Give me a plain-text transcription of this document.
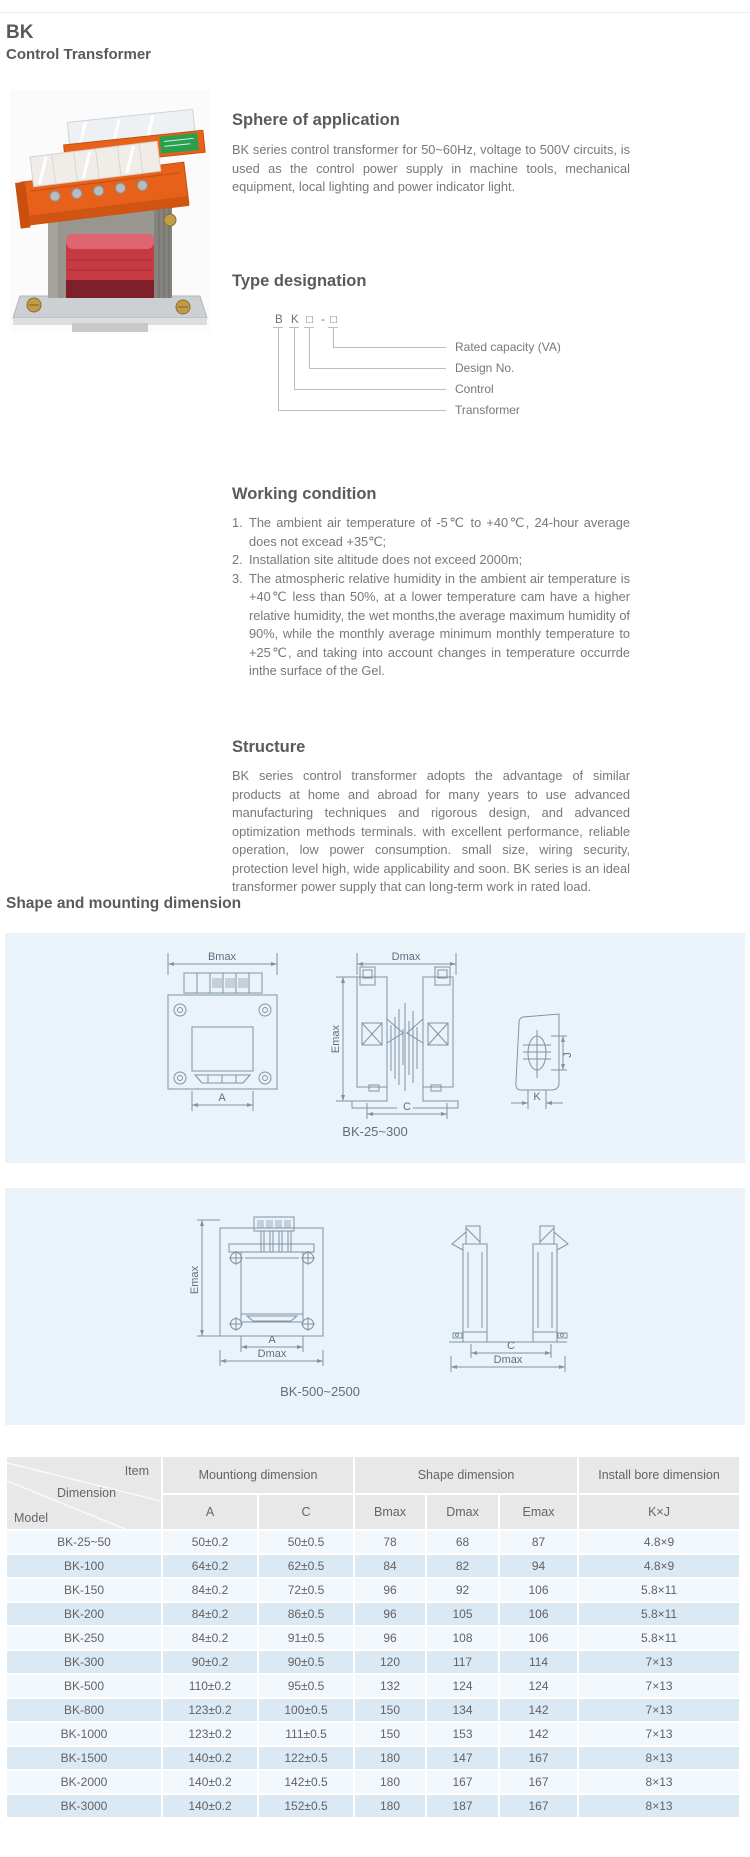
BK
Control Transformer
Sphere of application
BK series control transformer for 50~60Hz, voltage to 500V circuits, is used as the control power supply in machine tools, mechanical equipment, local lighting and power indicator light.
Type designation
B K □ - □
Rated capacity (VA)
Design No.
Control
Transformer
Working condition
1. The ambient air temperature of -5℃ to +40℃, 24-hour average does not excead +35℃;
2. Installation site altitude does not exceed 2000m;
3. The atmospheric relative humidity in the ambient air temperature is +40℃ less than 50%, at a lower temperature cam have a higher relative humidity, the wet months,the average maximum humidity of 90%, while the monthly average minimum monthly temperature to +25℃, and taking into account changes in temperature occurrde inthe surface of the Gel.
Structure
BK series control transformer adopts the advantage of similar products at home and abroad for many years to use advanced manufacturing techniques and rigorous design, and advanced optimization methods terminals. with excellent performance, reliable operation, low power consumption. small size, wiring security, protection level high, wide applicability and soon. BK series is an ideal transformer power supply that can long-term work in rated load.
Shape and mounting dimension
Bmax
A
Dmax
Emax
C
J
K
BK-25~300
Emax
A
Dmax
C
Dmax
BK-500~2500
Item
Dimension
Model	Mountiong dimension		Shape dimension			Install bore dimension
	A	C	Bmax	Dmax	Emax	K×J
BK-25~50	50±0.2	50±0.5	78	68	87	4.8×9
BK-100	64±0.2	62±0.5	84	82	94	4.8×9
BK-150	84±0.2	72±0.5	96	92	106	5.8×11
BK-200	84±0.2	86±0.5	96	105	106	5.8×11
BK-250	84±0.2	91±0.5	96	108	106	5.8×11
BK-300	90±0.2	90±0.5	120	117	114	7×13
BK-500	110±0.2	95±0.5	132	124	124	7×13
BK-800	123±0.2	100±0.5	150	134	142	7×13
BK-1000	123±0.2	111±0.5	150	153	142	7×13
BK-1500	140±0.2	122±0.5	180	147	167	8×13
BK-2000	140±0.2	142±0.5	180	167	167	8×13
BK-3000	140±0.2	152±0.5	180	187	167	8×13
